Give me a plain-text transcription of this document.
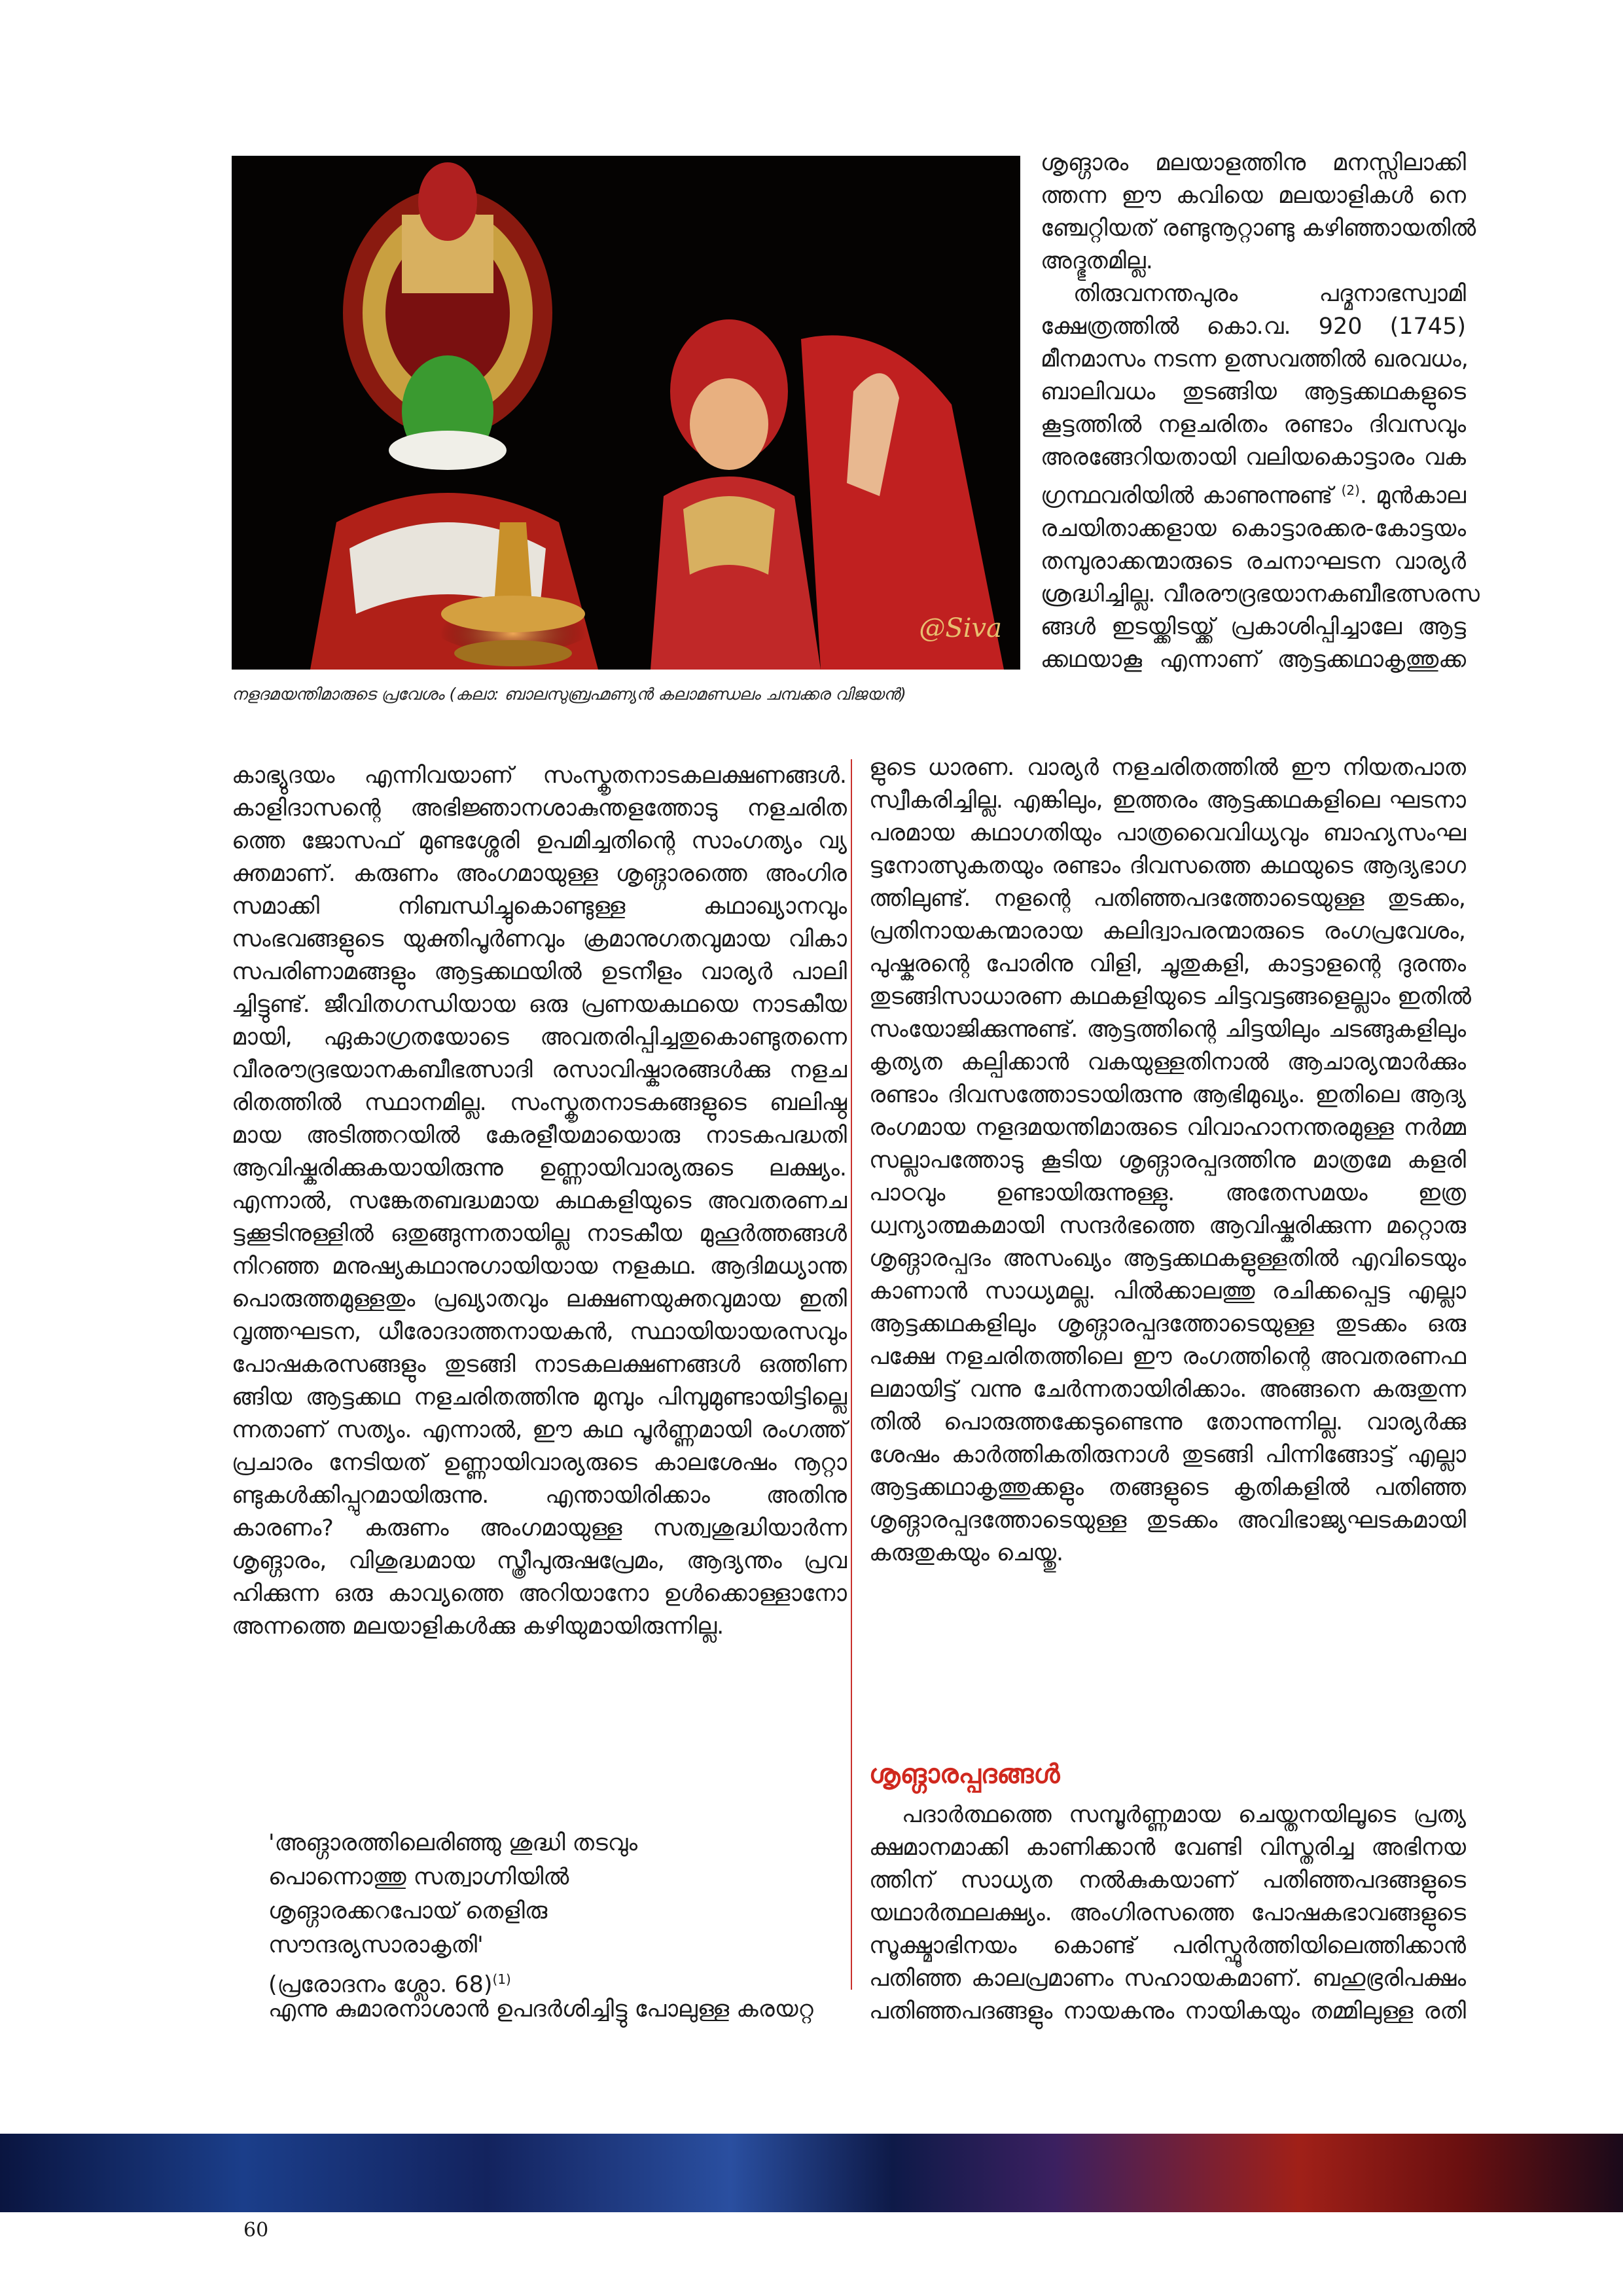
@Siva
നളദമയന്തിമാരുടെ പ്രവേശം (കലാ: ബാലസുബ്രഹ്മണ്യൻ കലാമണ്ഡലം ചമ്പക്കര വിജയൻ)
ശൃങ്ഗാരം മലയാളത്തിനു മനസ്സിലാക്കി
ത്തന്ന ഈ കവിയെ മലയാളികൾ നെ
ഞ്ചേറ്റിയത് രണ്ടുനൂറ്റാണ്ടു കഴിഞ്ഞായതിൽ
അദ്ഭുതമില്ല.
തിരുവനന്തപുരം പദ്മനാഭസ്വാമി
ക്ഷേത്രത്തിൽ കൊ.വ. 920 (1745)
മീനമാസം നടന്ന ഉത്സവത്തിൽ ഖരവധം,
ബാലിവധം തുടങ്ങിയ ആട്ടക്കഥകളുടെ
കൂട്ടത്തിൽ നളചരിതം രണ്ടാം ദിവസവും
അരങ്ങേറിയതായി വലിയകൊട്ടാരം വക
ഗ്രന്ഥവരിയിൽ കാണുന്നുണ്ട് $^{(2)}$. മുൻകാല
രചയിതാക്കളായ കൊട്ടാരക്കര-കോട്ടയം
തമ്പുരാക്കന്മാരുടെ രചനാഘടന വാര്യർ
ശ്രദ്ധിച്ചില്ല. വീരരൗദ്രഭയാനകബീഭത്സരസ
ങ്ങൾ ഇടയ്ക്കിടയ്ക്ക് പ്രകാശിപ്പിച്ചാലേ ആട്ട
ക്കഥയാകൂ എന്നാണ് ആട്ടക്കഥാകൃത്തുക്ക
കാഭ്യുദയം എന്നിവയാണ് സംസ്കൃതനാടകലക്ഷണങ്ങൾ.
കാളിദാസന്റെ അഭിജ്ഞാനശാകുന്തളത്തോടു നളചരിത
ത്തെ ജോസഫ് മുണ്ടശ്ശേരി ഉപമിച്ചതിന്റെ സാംഗത്യം വ്യ
ക്തമാണ്. കരുണം അംഗമായുള്ള ശൃങ്ഗാരത്തെ അംഗിര
സമാക്കി നിബന്ധിച്ചുകൊണ്ടുള്ള കഥാഖ്യാനവും
സംഭവങ്ങളുടെ യുക്തിപൂർണവും ക്രമാനുഗതവുമായ വികാ
സപരിണാമങ്ങളും ആട്ടക്കഥയിൽ ഉടനീളം വാര്യർ പാലി
ച്ചിട്ടുണ്ട്. ജീവിതഗന്ധിയായ ഒരു പ്രണയകഥയെ നാടകീയ
മായി, ഏകാഗ്രതയോടെ അവതരിപ്പിച്ചതുകൊണ്ടുതന്നെ
വീരരൗദ്രഭയാനകബീഭത്സാദി രസാവിഷ്കാരങ്ങൾക്കു നളച
രിതത്തിൽ സ്ഥാനമില്ല. സംസ്കൃതനാടകങ്ങളുടെ ബലിഷ്ഠ
മായ അടിത്തറയിൽ കേരളീയമായൊരു നാടകപദ്ധതി
ആവിഷ്കരിക്കുകയായിരുന്നു ഉണ്ണായിവാര്യരുടെ ലക്ഷ്യം.
എന്നാൽ, സങ്കേതബദ്ധമായ കഥകളിയുടെ അവതരണച
ട്ടക്കൂടിനുള്ളിൽ ഒതുങ്ങുന്നതായില്ല നാടകീയ മുഹൂർത്തങ്ങൾ
നിറഞ്ഞ മനുഷ്യകഥാനുഗായിയായ നളകഥ. ആദിമധ്യാന്ത
പൊരുത്തമുള്ളതും പ്രഖ്യാതവും ലക്ഷണയുക്തവുമായ ഇതി
വൃത്തഘടന, ധീരോദാത്തനായകൻ, സ്ഥായിയായരസവും
പോഷകരസങ്ങളും തുടങ്ങി നാടകലക്ഷണങ്ങൾ ഒത്തിണ
ങ്ങിയ ആട്ടക്കഥ നളചരിതത്തിനു മുമ്പും പിമ്പുമുണ്ടായിട്ടില്ലെ
ന്നതാണ് സത്യം. എന്നാൽ, ഈ കഥ പൂർണ്ണമായി രംഗത്ത്
പ്രചാരം നേടിയത് ഉണ്ണായിവാര്യരുടെ കാലശേഷം നൂറ്റാ
ണ്ടുകൾക്കിപ്പുറമായിരുന്നു. എന്തായിരിക്കാം അതിനു
കാരണം? കരുണം അംഗമായുള്ള സത്വശുദ്ധിയാർന്ന
ശൃങ്ഗാരം, വിശുദ്ധമായ സ്ത്രീപുരുഷപ്രേമം, ആദ്യന്തം പ്രവ
ഹിക്കുന്ന ഒരു കാവ്യത്തെ അറിയാനോ ഉൾക്കൊള്ളാനോ
അന്നത്തെ മലയാളികൾക്കു കഴിയുമായിരുന്നില്ല.
'അങ്ഗാരത്തിലെരിഞ്ഞു ശുദ്ധി തടവും
പൊന്നൊത്തു സത്വാഗ്നിയിൽ
ശൃങ്ഗാരക്കറപോയ് തെളിരു
സൗന്ദര്യസാരാകൃതി'
(പ്രരോദനം ശ്ലോ. 68)$^{(1)}$
എന്നു കുമാരനാശാൻ ഉപദർശിച്ചിട്ടു പോലുള്ള കരയറ്റ
ളുടെ ധാരണ. വാര്യർ നളചരിതത്തിൽ ഈ നിയതപാത
സ്വീകരിച്ചില്ല. എങ്കിലും, ഇത്തരം ആട്ടക്കഥകളിലെ ഘടനാ
പരമായ കഥാഗതിയും പാത്രവൈവിധ്യവും ബാഹ്യസംഘ
ട്ടനോത്സുകതയും രണ്ടാം ദിവസത്തെ കഥയുടെ ആദ്യഭാഗ
ത്തിലുണ്ട്. നളന്റെ പതിഞ്ഞപദത്തോടെയുള്ള തുടക്കം,
പ്രതിനായകന്മാരായ കലിദ്വാപരന്മാരുടെ രംഗപ്രവേശം,
പുഷ്കരന്റെ പോരിനു വിളി, ചൂതുകളി, കാട്ടാളന്റെ ദുരന്തം
തുടങ്ങിസാധാരണ കഥകളിയുടെ ചിട്ടവട്ടങ്ങളെല്ലാം ഇതിൽ
സംയോജിക്കുന്നുണ്ട്. ആട്ടത്തിന്റെ ചിട്ടയിലും ചടങ്ങുകളിലും
കൃത്യത കല്പിക്കാൻ വകയുള്ളതിനാൽ ആചാര്യന്മാർക്കും
രണ്ടാം ദിവസത്തോടായിരുന്നു ആഭിമുഖ്യം. ഇതിലെ ആദ്യ
രംഗമായ നളദമയന്തിമാരുടെ വിവാഹാനന്തരമുള്ള നർമ്മ
സല്ലാപത്തോടു കൂടിയ ശൃങ്ഗാരപ്പദത്തിനു മാത്രമേ കളരി
പാഠവും ഉണ്ടായിരുന്നുള്ളു. അതേസമയം ഇത്ര
ധ്വന്യാത്മകമായി സന്ദർഭത്തെ ആവിഷ്കരിക്കുന്ന മറ്റൊരു
ശൃങ്ഗാരപ്പദം അസംഖ്യം ആട്ടക്കഥകളുള്ളതിൽ എവിടെയും
കാണാൻ സാധ്യമല്ല. പിൽക്കാലത്തു രചിക്കപ്പെട്ട എല്ലാ
ആട്ടക്കഥകളിലും ശൃങ്ഗാരപ്പദത്തോടെയുള്ള തുടക്കം ഒരു
പക്ഷേ നളചരിതത്തിലെ ഈ രംഗത്തിന്റെ അവതരണഫ
ലമായിട്ട് വന്നു ചേർന്നതായിരിക്കാം. അങ്ങനെ കരുതുന്ന
തിൽ പൊരുത്തക്കേടുണ്ടെന്നു തോന്നുന്നില്ല. വാര്യർക്കു
ശേഷം കാർത്തികതിരുനാൾ തുടങ്ങി പിന്നിങ്ങോട്ട് എല്ലാ
ആട്ടക്കഥാകൃത്തുക്കളും തങ്ങളുടെ കൃതികളിൽ പതിഞ്ഞ
ശൃങ്ഗാരപ്പദത്തോടെയുള്ള തുടക്കം അവിഭാജ്യഘടകമായി
കരുതുകയും ചെയ്തു.
ശൃങ്ഗാരപ്പദങ്ങൾ
പദാർത്ഥത്തെ സമ്പൂർണ്ണമായ ചെയ്തനയിലൂടെ പ്രത്യ
ക്ഷമാനമാക്കി കാണിക്കാൻ വേണ്ടി വിസ്തരിച്ച അഭിനയ
ത്തിന് സാധ്യത നൽകുകയാണ് പതിഞ്ഞപദങ്ങളുടെ
യഥാർത്ഥലക്ഷ്യം. അംഗിരസത്തെ പോഷകഭാവങ്ങളുടെ
സൂക്ഷ്മാഭിനയം കൊണ്ട് പരിസ്ഫൂർത്തിയിലെത്തിക്കാൻ
പതിഞ്ഞ കാലപ്രമാണം സഹായകമാണ്. ബഹുഭ്രരിപക്ഷം
പതിഞ്ഞപദങ്ങളും നായകനും നായികയും തമ്മിലുള്ള രതി
60
